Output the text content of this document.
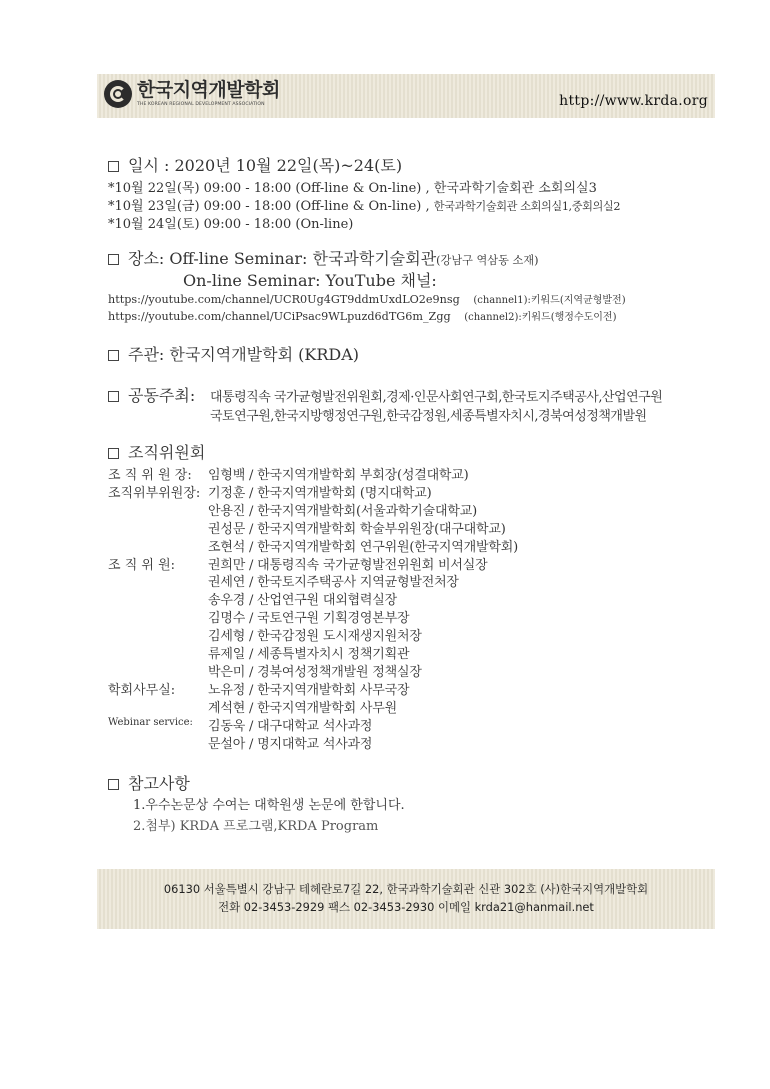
한국지역개발학회
THE KOREAN REGIONAL DEVELOPMENT ASSOCIATION	http://www.krda.org
일시 : 2020년 10월 22일(목)~24(토)
*10월 22일(목) 09:00 - 18:00 (Off-line & On-line) , 한국과학기술회관 소회의실3
*10월 23일(금) 09:00 - 18:00 (Off-line & On-line) , 한국과학기술회관 소회의실1,중회의실2
*10월 24일(토) 09:00 - 18:00 (On-line)
장소: Off-line Seminar: 한국과학기술회관(강남구 역삼동 소재)
On-line Seminar: YouTube 채널:
https://youtube.com/channel/UCR0Ug4GT9ddmUxdLO2e9nsg (channel1):키워드(지역균형발전)
https://youtube.com/channel/UCiPsac9WLpuzd6dTG6m_Zgg (channel2):키워드(행정수도이전)
주관: 한국지역개발학회 (KRDA)
공동주최: 대통령직속 국가균형발전위원회,경제·인문사회연구회,한국토지주택공사,산업연구원
국토연구원,한국지방행정연구원,한국감정원,세종특별자치시,경북여성정책개발원
조직위원회
조 직 위 원 장: 임형백 / 한국지역개발학회 부회장(성결대학교)
조직위부위원장: 기정훈 / 한국지역개발학회 (명지대학교)
안용진 / 한국지역개발학회(서울과학기술대학교)
권성문 / 한국지역개발학회 학술부위원장(대구대학교)
조현석 / 한국지역개발학회 연구위원(한국지역개발학회)
조 직 위 원:	권희만 / 대통령직속 국가균형발전위원회 비서실장
권세연 / 한국토지주택공사 지역균형발전처장
송우경 / 산업연구원 대외협력실장
김명수 / 국토연구원 기획경영본부장
김세형 / 한국감정원 도시재생지원처장
류제일 / 세종특별자치시 정책기획관
박은미 / 경북여성정책개발원 정책실장
학회사무실:	노유정 / 한국지역개발학회 사무국장
계석현 / 한국지역개발학회 사무원
Webinar service: 김동욱 / 대구대학교 석사과정
문설아 / 명지대학교 석사과정
참고사항
1.우수논문상 수여는 대학원생 논문에 한합니다.
2.첨부) KRDA 프로그램,KRDA Program
06130 서울특별시 강남구 테헤란로7길 22, 한국과학기술회관 신관 302호 (사)한국지역개발학회
전화 02-3453-2929 팩스 02-3453-2930 이메일 krda21@hanmail.net
